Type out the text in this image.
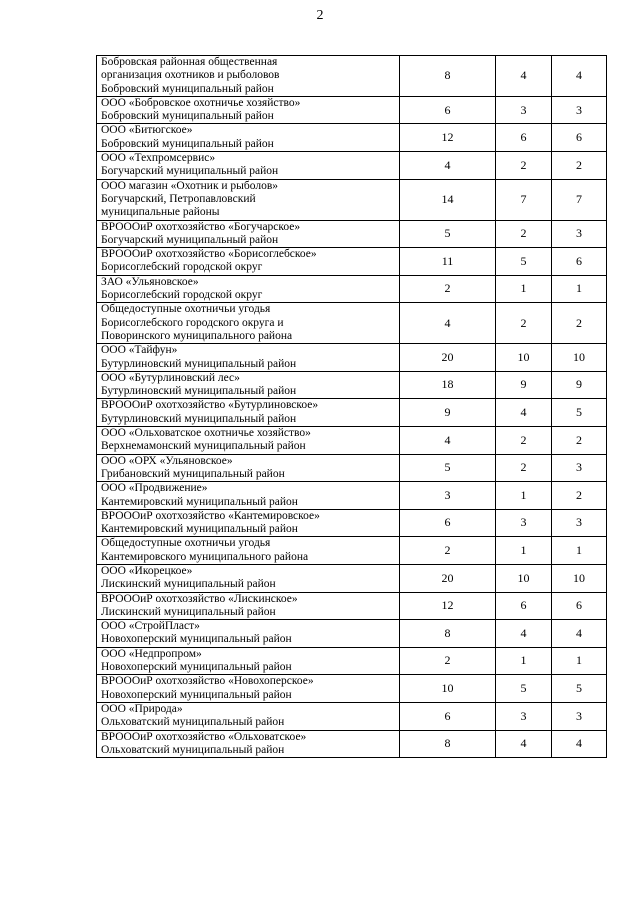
2
Бобровская районная общественная
организация охотников и рыболовов
Бобровский муниципальный район	8	4	4

ООО «Бобровское охотничье хозяйство»
Бобровский муниципальный район	6	3	3

ООО «Битюгское»
Бобровский муниципальный район	12	6	6

ООО «Техпромсервис»
Богучарский муниципальный район	4	2	2

ООО магазин «Охотник и рыболов»
Богучарский, Петропавловский
муниципальные районы	14	7	7

ВРОООиР охотхозяйство «Богучарское»
Богучарский муниципальный район	5	2	3

ВРОООиР охотхозяйство «Борисоглебское»
Борисоглебский городской округ	11	5	6

ЗАО «Ульяновское»
Борисоглебский городской округ	2	1	1

Общедоступные охотничьи угодья
Борисоглебского городского округа и
Поворинского муниципального района	4	2	2

ООО «Тайфун»
Бутурлиновский муниципальный район	20	10	10

ООО «Бутурлиновский лес»
Бутурлиновский муниципальный район	18	9	9

ВРОООиР охотхозяйство «Бутурлиновское»
Бутурлиновский муниципальный район	9	4	5

ООО «Ольховатское охотничье хозяйство»
Верхнемамонский муниципальный район	4	2	2

ООО «ОРХ «Ульяновское»
Грибановский муниципальный район	5	2	3

ООО «Продвижение»
Кантемировский муниципальный район	3	1	2

ВРОООиР охотхозяйство «Кантемировское»
Кантемировский муниципальный район	6	3	3

Общедоступные охотничьи угодья
Кантемировского муниципального района	2	1	1

ООО «Икорецкое»
Лискинский муниципальный район	20	10	10

ВРОООиР охотхозяйство «Лискинское»
Лискинский муниципальный район	12	6	6

ООО «СтройПласт»
Новохоперский муниципальный район	8	4	4

ООО «Недпропром»
Новохоперский муниципальный район	2	1	1

ВРОООиР охотхозяйство «Новохоперское»
Новохоперский муниципальный район	10	5	5

ООО «Природа»
Ольховатский муниципальный район	6	3	3

ВРОООиР охотхозяйство «Ольховатское»
Ольховатский муниципальный район	8	4	4
